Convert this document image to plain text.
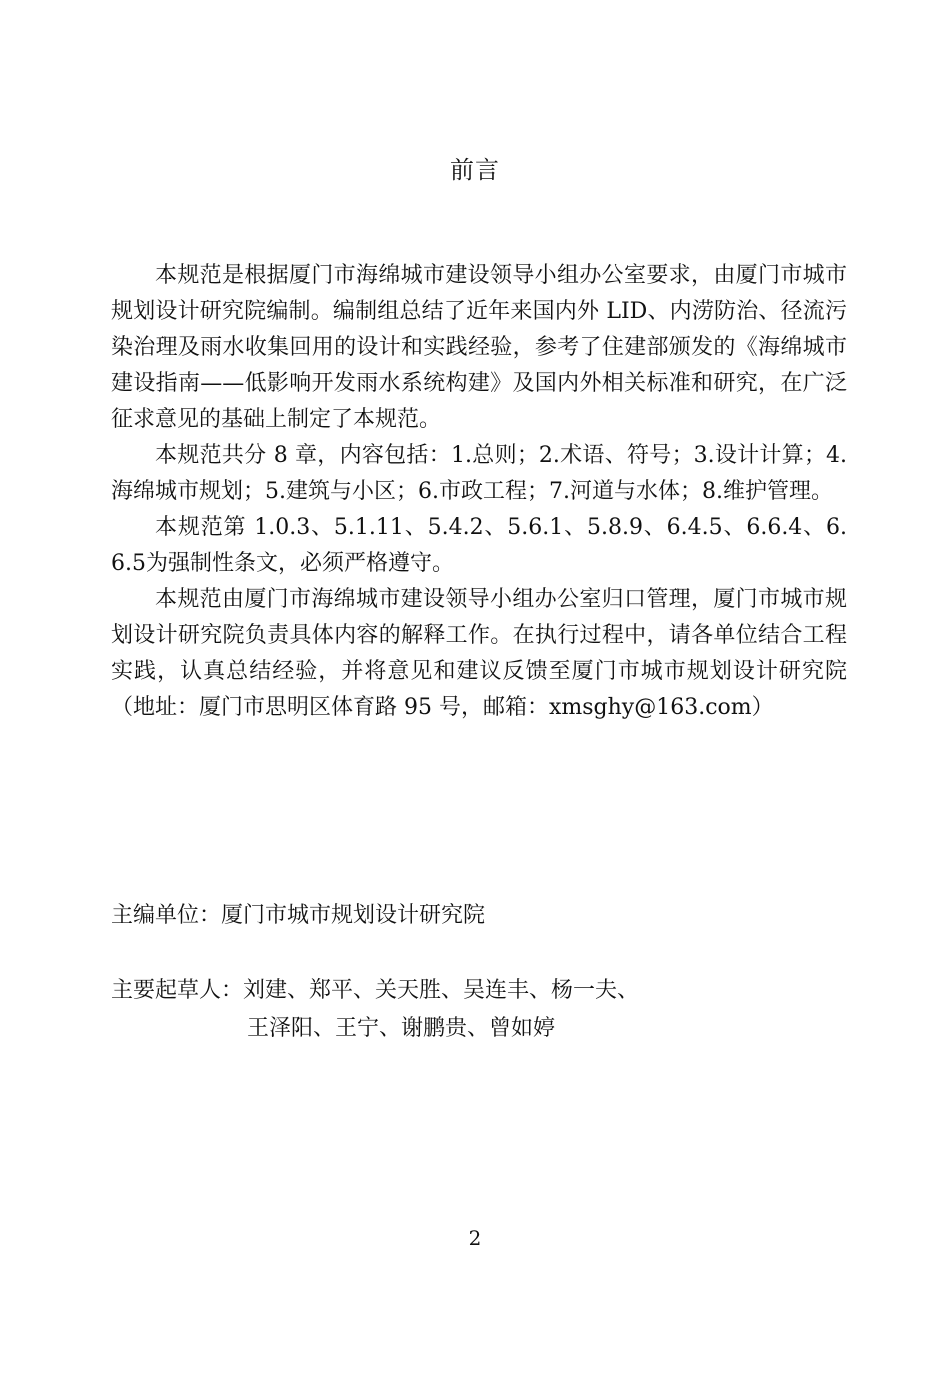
前言

本规范是根据厦门市海绵城市建设领导小组办公室要求，由厦门市城市规划设计研究院编制。编制组总结了近年来国内外 LID、内涝防治、径流污染治理及雨水收集回用的设计和实践经验，参考了住建部颁发的《海绵城市建设指南——低影响开发雨水系统构建》及国内外相关标准和研究，在广泛征求意见的基础上制定了本规范。

本规范共分 8 章，内容包括：1.总则；2.术语、符号；3.设计计算；4.海绵城市规划；5.建筑与小区；6.市政工程；7.河道与水体；8.维护管理。

本规范第 1.0.3、5.1.11、5.4.2、5.6.1、5.8.9、6.4.5、6.6.4、6.6.5为强制性条文，必须严格遵守。

本规范由厦门市海绵城市建设领导小组办公室归口管理，厦门市城市规划设计研究院负责具体内容的解释工作。在执行过程中，请各单位结合工程实践，认真总结经验，并将意见和建议反馈至厦门市城市规划设计研究院（地址：厦门市思明区体育路 95 号，邮箱：xmsghy@163.com）

主编单位：厦门市城市规划设计研究院
主要起草人：刘建、郑平、关天胜、吴连丰、杨一夫、
王泽阳、王宁、谢鹏贵、曾如婷
2
